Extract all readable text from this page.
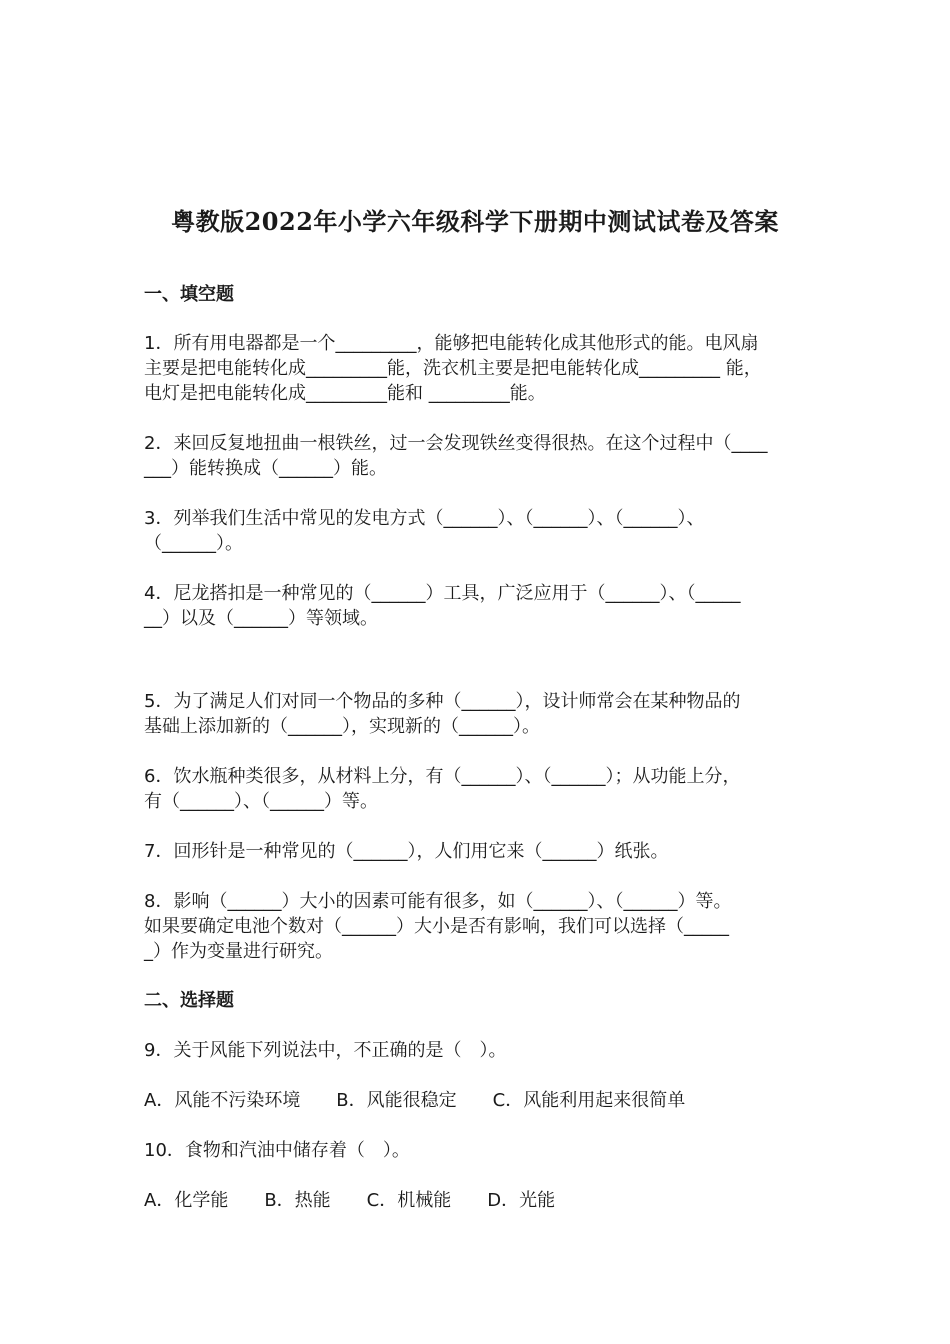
粤教版2022年小学六年级科学下册期中测试试卷及答案
一、填空题
1．所有用电器都是一个_________，能够把电能转化成其他形式的能。电风扇
主要是把电能转化成_________能，洗衣机主要是把电能转化成_________ 能，
电灯是把电能转化成_________能和 _________能。
2．来回反复地扭曲一根铁丝，过一会发现铁丝变得很热。在这个过程中（____
___）能转换成（______）能。
3．列举我们生活中常见的发电方式（______）、（______）、（______）、
（______）。
4．尼龙搭扣是一种常见的（______）工具，广泛应用于（______）、（_____
__）以及（______）等领域。
5．为了满足人们对同一个物品的多种（______），设计师常会在某种物品的
基础上添加新的（______），实现新的（______）。
6．饮水瓶种类很多，从材料上分，有（______）、（______）；从功能上分，
有（______）、（______）等。
7．回形针是一种常见的（______），人们用它来（______）纸张。
8．影响（______）大小的因素可能有很多，如（______）、（______）等。
如果要确定电池个数对（______）大小是否有影响，我们可以选择（_____
_）作为变量进行研究。
二、选择题
9．关于风能下列说法中，不正确的是（　）。
A．风能不污染环境　　B．风能很稳定　　C．风能利用起来很简单
10．食物和汽油中储存着（　）。
A．化学能　　B．热能　　C．机械能　　D．光能
